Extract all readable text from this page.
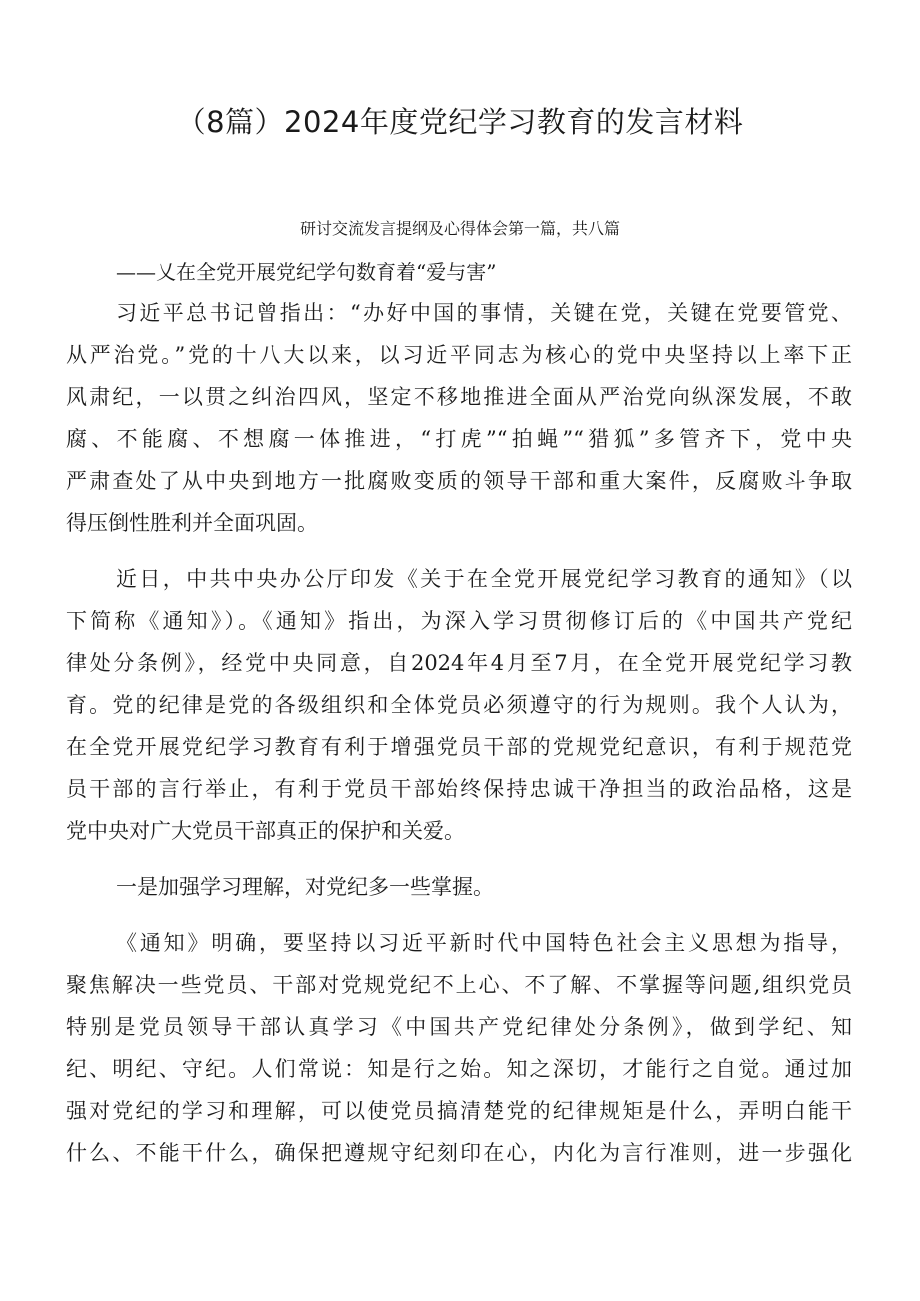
（8篇）2024年度党纪学习教育的发言材料
研讨交流发言提纲及心得体会第一篇，共八篇
——乂在全党开展党纪学句数育着“爱与害”
习近平总书记曾指出：“办好中国的事情，关键在党，关键在党要管党、
从严治党。”党的十八大以来，以习近平同志为核心的党中央坚持以上率下正
风肃纪，一以贯之纠治四风，坚定不移地推进全面从严治党向纵深发展，不敢
腐、不能腐、不想腐一体推进，“打虎”“拍蝇”“猎狐”多管齐下，党中央
严肃查处了从中央到地方一批腐败变质的领导干部和重大案件，反腐败斗争取
得压倒性胜利并全面巩固。
近日，中共中央办公厅印发《关于在全党开展党纪学习教育的通知》（以
下简称《通知》）。《通知》指出，为深入学习贯彻修订后的《中国共产党纪
律处分条例》，经党中央同意，自2024年4月至7月，在全党开展党纪学习教
育。党的纪律是党的各级组织和全体党员必须遵守的行为规则。我个人认为，
在全党开展党纪学习教育有利于增强党员干部的党规党纪意识，有利于规范党
员干部的言行举止，有利于党员干部始终保持忠诚干净担当的政治品格，这是
党中央对广大党员干部真正的保护和关爱。
一是加强学习理解，对党纪多一些掌握。
《通知》明确，要坚持以习近平新时代中国特色社会主义思想为指导，
聚焦解决一些党员、干部对党规党纪不上心、不了解、不掌握等问题,组织党员
特别是党员领导干部认真学习《中国共产党纪律处分条例》，做到学纪、知
纪、明纪、守纪。人们常说：知是行之始。知之深切，才能行之自觉。通过加
强对党纪的学习和理解，可以使党员搞清楚党的纪律规矩是什么，弄明白能干
什么、不能干什么，确保把遵规守纪刻印在心，内化为言行准则，进一步强化
